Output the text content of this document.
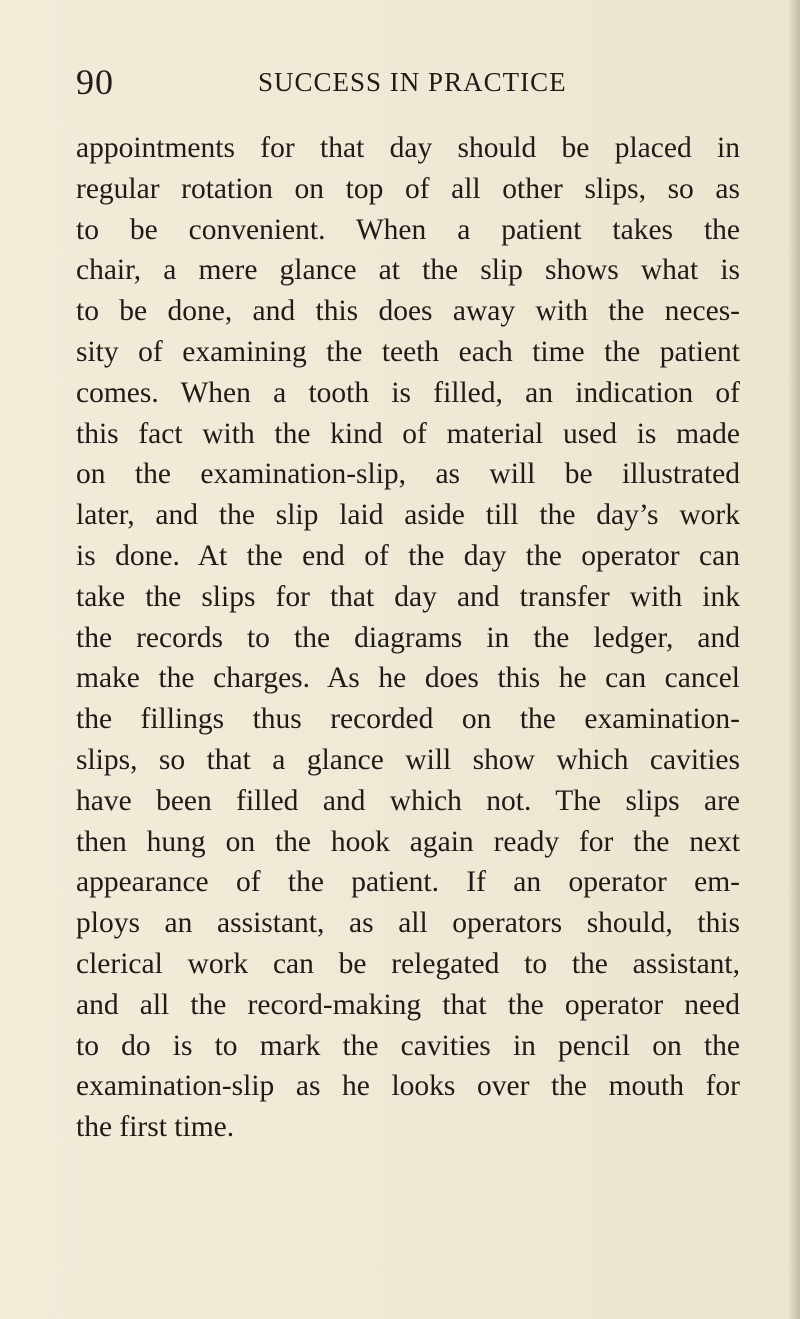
90	SUCCESS IN PRACTICE
appointments for that day should be placed in
regular rotation on top of all other slips, so as
to be convenient. When a patient takes the
chair, a mere glance at the slip shows what is
to be done, and this does away with the neces-
sity of examining the teeth each time the patient
comes. When a tooth is filled, an indication of
this fact with the kind of material used is made
on the examination-slip, as will be illustrated
later, and the slip laid aside till the day’s work
is done. At the end of the day the operator can
take the slips for that day and transfer with ink
the records to the diagrams in the ledger, and
make the charges. As he does this he can cancel
the fillings thus recorded on the examination-
slips, so that a glance will show which cavities
have been filled and which not. The slips are
then hung on the hook again ready for the next
appearance of the patient. If an operator em-
ploys an assistant, as all operators should, this
clerical work can be relegated to the assistant,
and all the record-making that the operator need
to do is to mark the cavities in pencil on the
examination-slip as he looks over the mouth for
the first time.
